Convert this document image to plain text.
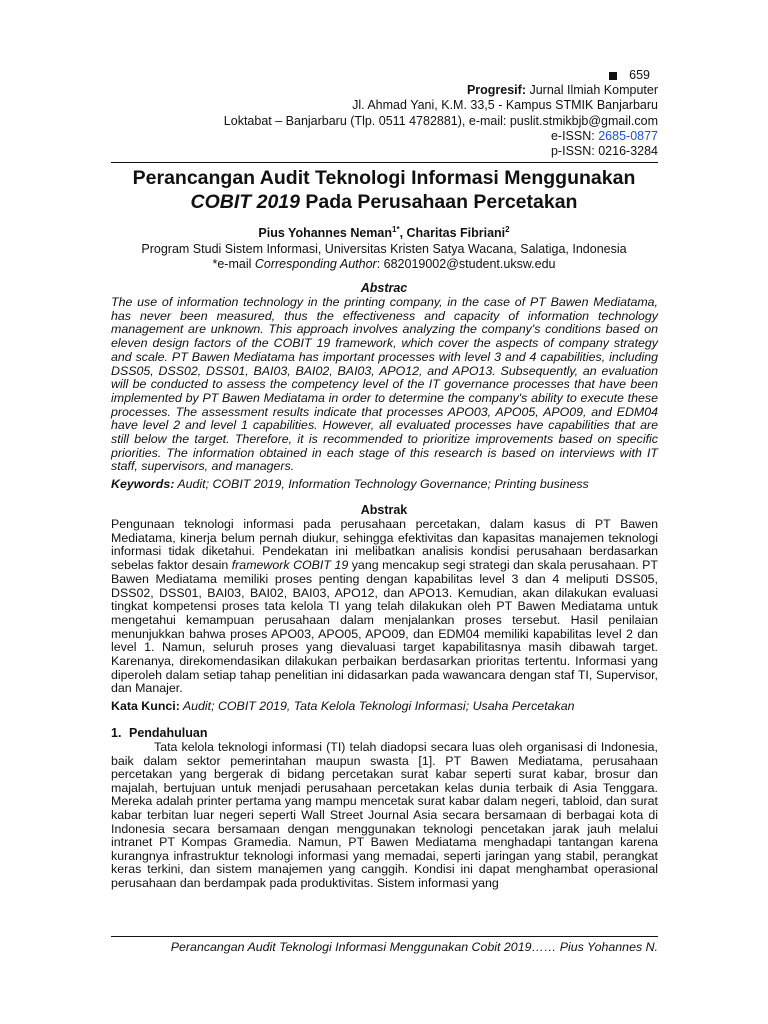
659
Progresif: Jurnal Ilmiah Komputer
Jl. Ahmad Yani, K.M. 33,5 - Kampus STMIK Banjarbaru
Loktabat – Banjarbaru (Tlp. 0511 4782881), e-mail: puslit.stmikbjb@gmail.com
e-ISSN: 2685-0877
p-ISSN: 0216-3284
Perancangan Audit Teknologi Informasi Menggunakan
COBIT 2019 Pada Perusahaan Percetakan
Pius Yohannes Neman$^{1*}$, Charitas Fibriani$^2$
Program Studi Sistem Informasi, Universitas Kristen Satya Wacana, Salatiga, Indonesia
*e-mail Corresponding Author: 682019002@student.uksw.edu
Abstrac
The use of information technology in the printing company, in the case of PT Bawen Mediatama, has never been measured, thus the effectiveness and capacity of information technology management are unknown. This approach involves analyzing the company's conditions based on eleven design factors of the COBIT 19 framework, which cover the aspects of company strategy and scale. PT Bawen Mediatama has important processes with level 3 and 4 capabilities, including DSS05, DSS02, DSS01, BAI03, BAI02, BAI03, APO12, and APO13. Subsequently, an evaluation will be conducted to assess the competency level of the IT governance processes that have been implemented by PT Bawen Mediatama in order to determine the company's ability to execute these processes. The assessment results indicate that processes APO03, APO05, APO09, and EDM04 have level 2 and level 1 capabilities. However, all evaluated processes have capabilities that are still below the target. Therefore, it is recommended to prioritize improvements based on specific priorities. The information obtained in each stage of this research is based on interviews with IT staff, supervisors, and managers.
Keywords: Audit; COBIT 2019, Information Technology Governance; Printing business
Abstrak
Pengunaan teknologi informasi pada perusahaan percetakan, dalam kasus di PT Bawen Mediatama, kinerja belum pernah diukur, sehingga efektivitas dan kapasitas manajemen teknologi informasi tidak diketahui. Pendekatan ini melibatkan analisis kondisi perusahaan berdasarkan sebelas faktor desain framework COBIT 19 yang mencakup segi strategi dan skala perusahaan. PT Bawen Mediatama memiliki proses penting dengan kapabilitas level 3 dan 4 meliputi DSS05, DSS02, DSS01, BAI03, BAI02, BAI03, APO12, dan APO13. Kemudian, akan dilakukan evaluasi tingkat kompetensi proses tata kelola TI yang telah dilakukan oleh PT Bawen Mediatama untuk mengetahui kemampuan perusahaan dalam menjalankan proses tersebut. Hasil penilaian menunjukkan bahwa proses APO03, APO05, APO09, dan EDM04 memiliki kapabilitas level 2 dan level 1. Namun, seluruh proses yang dievaluasi target kapabilitasnya masih dibawah target. Karenanya, direkomendasikan dilakukan perbaikan berdasarkan prioritas tertentu. Informasi yang diperoleh dalam setiap tahap penelitian ini didasarkan pada wawancara dengan staf TI, Supervisor, dan Manajer.
Kata Kunci: Audit; COBIT 2019, Tata Kelola Teknologi Informasi; Usaha Percetakan
1. Pendahuluan
Tata kelola teknologi informasi (TI) telah diadopsi secara luas oleh organisasi di Indonesia, baik dalam sektor pemerintahan maupun swasta [1]. PT Bawen Mediatama, perusahaan percetakan yang bergerak di bidang percetakan surat kabar seperti surat kabar, brosur dan majalah, bertujuan untuk menjadi perusahaan percetakan kelas dunia terbaik di Asia Tenggara. Mereka adalah printer pertama yang mampu mencetak surat kabar dalam negeri, tabloid, dan surat kabar terbitan luar negeri seperti Wall Street Journal Asia secara bersamaan di berbagai kota di Indonesia secara bersamaan dengan menggunakan teknologi pencetakan jarak jauh melalui intranet PT Kompas Gramedia. Namun, PT Bawen Mediatama menghadapi tantangan karena kurangnya infrastruktur teknologi informasi yang memadai, seperti jaringan yang stabil, perangkat keras terkini, dan sistem manajemen yang canggih. Kondisi ini dapat menghambat operasional perusahaan dan berdampak pada produktivitas. Sistem informasi yang
Perancangan Audit Teknologi Informasi Menggunakan Cobit 2019…… Pius Yohannes N.
